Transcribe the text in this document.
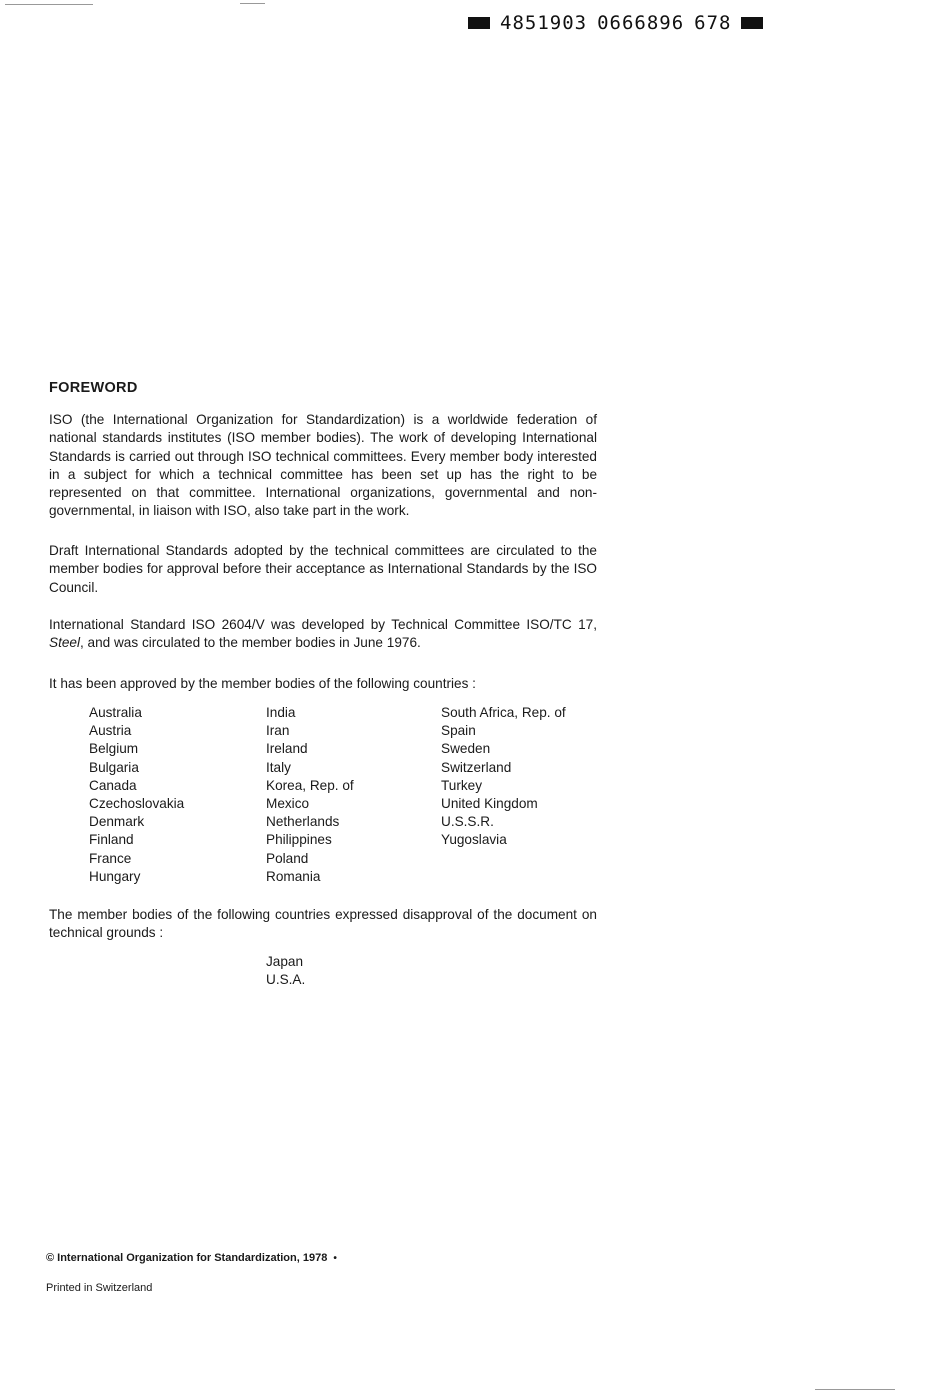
4851903 0666896 678
FOREWORD

ISO (the International Organization for Standardization) is a worldwide federation of national standards institutes (ISO member bodies). The work of developing International Standards is carried out through ISO technical committees. Every member body interested in a subject for which a technical committee has been set up has the right to be represented on that committee. International organizations, governmental and non-governmental, in liaison with ISO, also take part in the work.

Draft International Standards adopted by the technical committees are circulated to the member bodies for approval before their acceptance as International Standards by the ISO Council.

International Standard ISO 2604/V was developed by Technical Committee ISO/TC 17, Steel, and was circulated to the member bodies in June 1976.

It has been approved by the member bodies of the following countries :

Australia
Austria
Belgium
Bulgaria
Canada
Czechoslovakia
Denmark
Finland
France
Hungary
India
Iran
Ireland
Italy
Korea, Rep. of
Mexico
Netherlands
Philippines
Poland
Romania
South Africa, Rep. of
Spain
Sweden
Switzerland
Turkey
United Kingdom
U.S.S.R.
Yugoslavia

The member bodies of the following countries expressed disapproval of the document on technical grounds :

Japan
U.S.A.
© International Organization for Standardization, 1978 •
Printed in Switzerland
